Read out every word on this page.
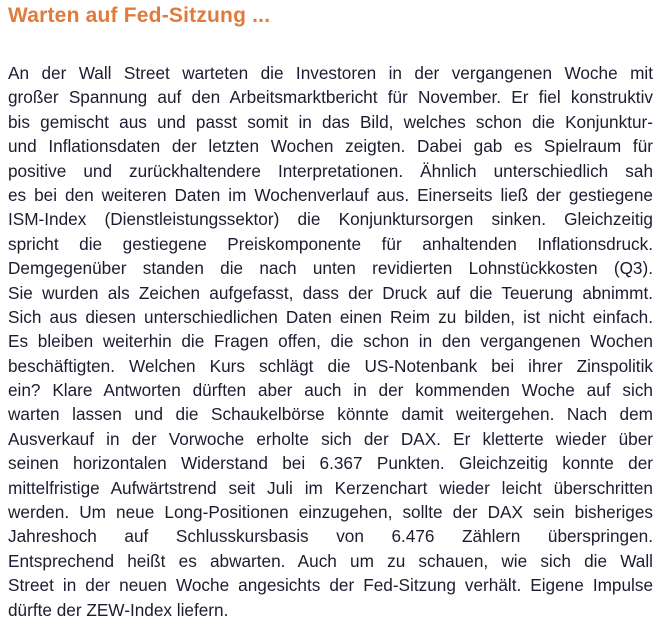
Warten auf Fed-Sitzung ...
An der Wall Street warteten die Investoren in der vergangenen Woche mit
großer Spannung auf den Arbeitsmarktbericht für November. Er fiel konstruktiv
bis gemischt aus und passt somit in das Bild, welches schon die Konjunktur-
und Inflationsdaten der letzten Wochen zeigten. Dabei gab es Spielraum für
positive und zurückhaltendere Interpretationen. Ähnlich unterschiedlich sah
es bei den weiteren Daten im Wochenverlauf aus. Einerseits ließ der gestiegene
ISM-Index (Dienstleistungssektor) die Konjunktursorgen sinken. Gleichzeitig
spricht die gestiegene Preiskomponente für anhaltenden Inflationsdruck.
Demgegenüber standen die nach unten revidierten Lohnstückkosten (Q3).
Sie wurden als Zeichen aufgefasst, dass der Druck auf die Teuerung abnimmt.
Sich aus diesen unterschiedlichen Daten einen Reim zu bilden, ist nicht einfach.
Es bleiben weiterhin die Fragen offen, die schon in den vergangenen Wochen
beschäftigten. Welchen Kurs schlägt die US-Notenbank bei ihrer Zinspolitik
ein? Klare Antworten dürften aber auch in der kommenden Woche auf sich
warten lassen und die Schaukelbörse könnte damit weitergehen. Nach dem
Ausverkauf in der Vorwoche erholte sich der DAX. Er kletterte wieder über
seinen horizontalen Widerstand bei 6.367 Punkten. Gleichzeitig konnte der
mittelfristige Aufwärtstrend seit Juli im Kerzenchart wieder leicht überschritten
werden. Um neue Long-Positionen einzugehen, sollte der DAX sein bisheriges
Jahreshoch auf Schlusskursbasis von 6.476 Zählern überspringen.
Entsprechend heißt es abwarten. Auch um zu schauen, wie sich die Wall
Street in der neuen Woche angesichts der Fed-Sitzung verhält. Eigene Impulse
dürfte der ZEW-Index liefern.
